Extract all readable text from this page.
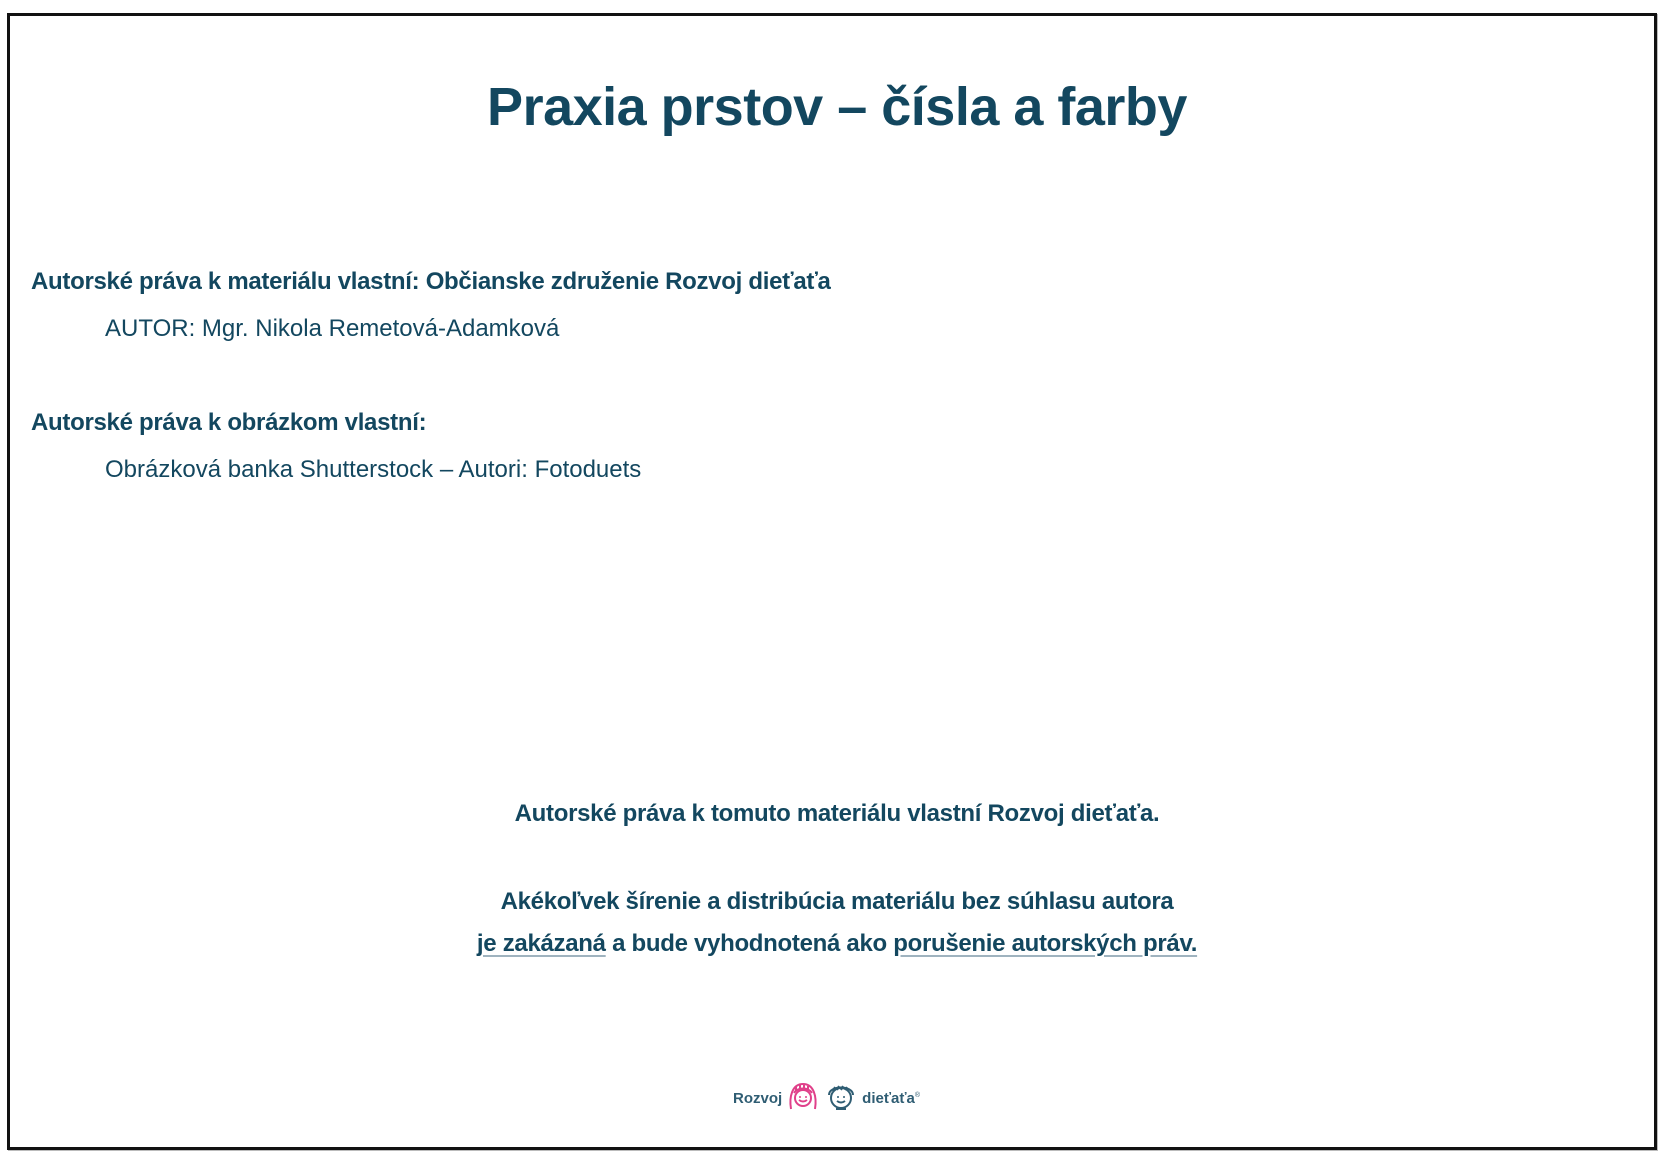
Praxia prstov – čísla a farby
Autorské práva k materiálu vlastní: Občianske združenie Rozvoj dieťaťa
AUTOR: Mgr. Nikola Remetová-Adamková
Autorské práva k obrázkom vlastní:
Obrázková banka Shutterstock – Autori: Fotoduets
Autorské práva k tomuto materiálu vlastní Rozvoj dieťaťa.
Akékoľvek šírenie a distribúcia materiálu bez súhlasu autora
je zakázaná a bude vyhodnotená ako porušenie autorských práv.
Rozvoj	dieťaťa®
